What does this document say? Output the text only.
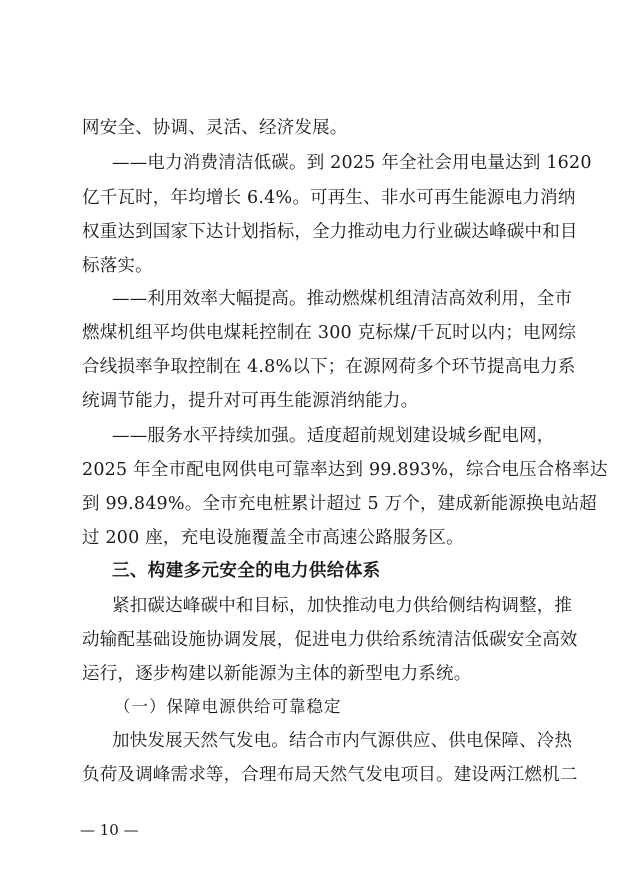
网安全、协调、灵活、经济发展。
——电力消费清洁低碳。到 2025 年全社会用电量达到 1620
亿千瓦时，年均增长 6.4%。可再生、非水可再生能源电力消纳
权重达到国家下达计划指标，全力推动电力行业碳达峰碳中和目
标落实。
——利用效率大幅提高。推动燃煤机组清洁高效利用，全市
燃煤机组平均供电煤耗控制在 300 克标煤/千瓦时以内；电网综
合线损率争取控制在 4.8%以下；在源网荷多个环节提高电力系
统调节能力，提升对可再生能源消纳能力。
——服务水平持续加强。适度超前规划建设城乡配电网，
2025 年全市配电网供电可靠率达到 99.893%，综合电压合格率达
到 99.849%。全市充电桩累计超过 5 万个，建成新能源换电站超
过 200 座，充电设施覆盖全市高速公路服务区。
三、构建多元安全的电力供给体系
紧扣碳达峰碳中和目标，加快推动电力供给侧结构调整，推
动输配基础设施协调发展，促进电力供给系统清洁低碳安全高效
运行，逐步构建以新能源为主体的新型电力系统。
（一）保障电源供给可靠稳定
加快发展天然气发电。结合市内气源供应、供电保障、冷热
负荷及调峰需求等，合理布局天然气发电项目。建设两江燃机二
— 10 —
